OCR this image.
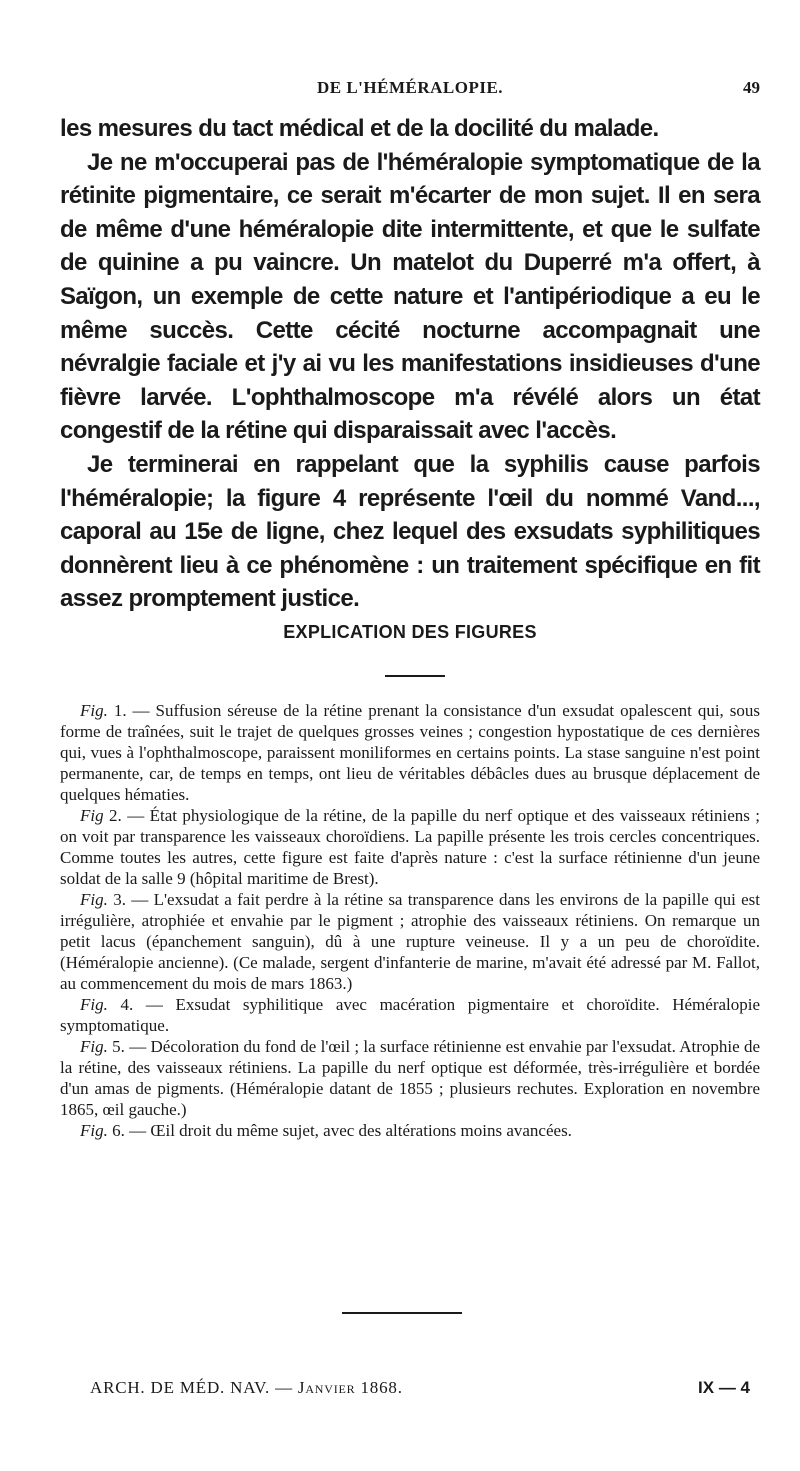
DE L'HÉMÉRALOPIE.	49

les mesures du tact médical et de la docilité du malade.

Je ne m'occuperai pas de l'héméralopie symptomatique de la rétinite pigmentaire, ce serait m'écarter de mon sujet. Il en sera de même d'une héméralopie dite intermittente, et que le sulfate de quinine a pu vaincre. Un matelot du Duperré m'a offert, à Saïgon, un exemple de cette nature et l'antipériodique a eu le même succès. Cette cécité nocturne accompagnait une névralgie faciale et j'y ai vu les manifestations insidieuses d'une fièvre larvée. L'ophthalmoscope m'a révélé alors un état congestif de la rétine qui disparaissait avec l'accès.

Je terminerai en rappelant que la syphilis cause parfois l'héméralopie; la figure 4 représente l'œil du nommé Vand..., caporal au 15e de ligne, chez lequel des exsudats syphilitiques donnèrent lieu à ce phénomène : un traitement spécifique en fit assez promptement justice.

EXPLICATION DES FIGURES

Fig. 1. — Suffusion séreuse de la rétine prenant la consistance d'un exsudat opalescent qui, sous forme de traînées, suit le trajet de quelques grosses veines ; congestion hypostatique de ces dernières qui, vues à l'ophthalmoscope, paraissent moniliformes en certains points. La stase sanguine n'est point permanente, car, de temps en temps, ont lieu de véritables débâcles dues au brusque déplacement de quelques hématies.

Fig 2. — État physiologique de la rétine, de la papille du nerf optique et des vaisseaux rétiniens ; on voit par transparence les vaisseaux choroïdiens. La papille présente les trois cercles concentriques. Comme toutes les autres, cette figure est faite d'après nature : c'est la surface rétinienne d'un jeune soldat de la salle 9 (hôpital maritime de Brest).

Fig. 3. — L'exsudat a fait perdre à la rétine sa transparence dans les environs de la papille qui est irrégulière, atrophiée et envahie par le pigment ; atrophie des vaisseaux rétiniens. On remarque un petit lacus (épanchement sanguin), dû à une rupture veineuse. Il y a un peu de choroïdite. (Héméralopie ancienne). (Ce malade, sergent d'infanterie de marine, m'avait été adressé par M. Fallot, au commencement du mois de mars 1863.)

Fig. 4. — Exsudat syphilitique avec macération pigmentaire et choroïdite. Héméralopie symptomatique.

Fig. 5. — Décoloration du fond de l'œil ; la surface rétinienne est envahie par l'exsudat. Atrophie de la rétine, des vaisseaux rétiniens. La papille du nerf optique est déformée, très-irrégulière et bordée d'un amas de pigments. (Héméralopie datant de 1855 ; plusieurs rechutes. Exploration en novembre 1865, œil gauche.)

Fig. 6. — Œil droit du même sujet, avec des altérations moins avancées.

ARCH. DE MÉD. NAV. — Janvier 1868.	IX — 4
